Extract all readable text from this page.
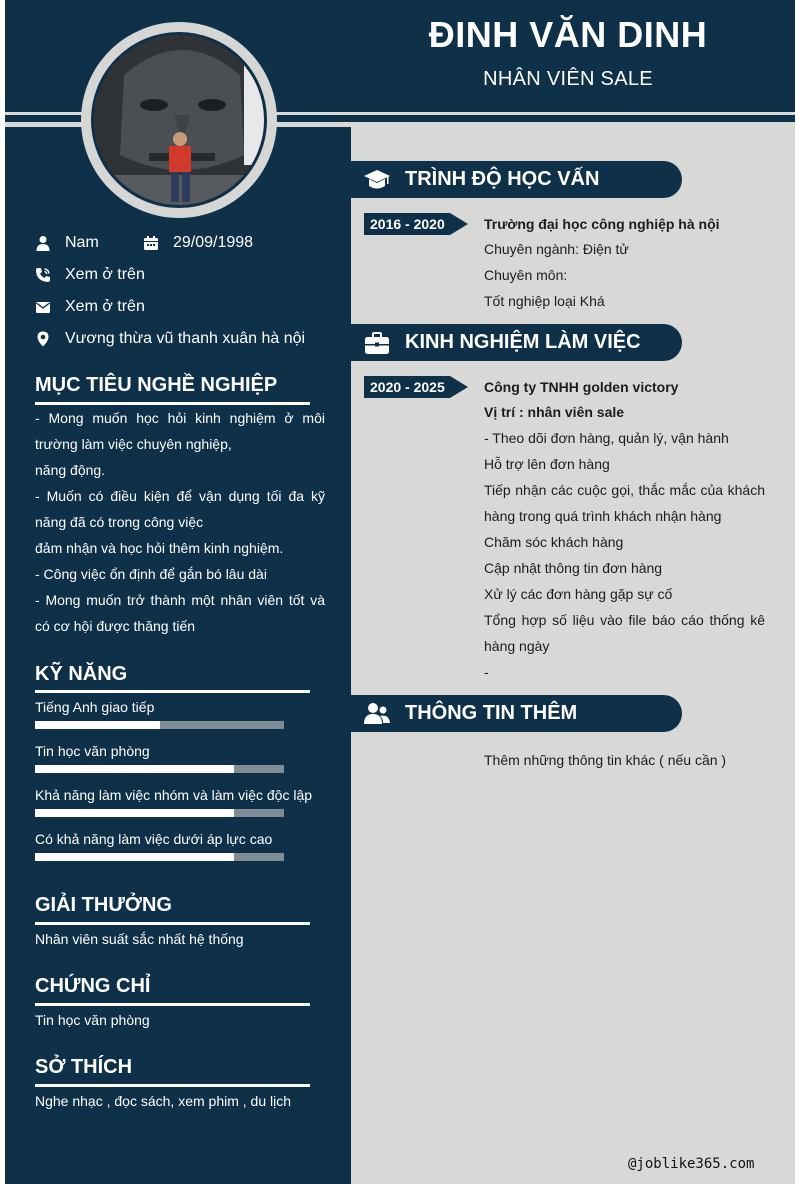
ĐINH VĂN DINH
NHÂN VIÊN SALE
Nam	29/09/1998
Xem ở trên
Xem ở trên
Vương thừa vũ thanh xuân hà nội
MỤC TIÊU NGHỀ NGHIỆP
- Mong muốn học hỏi kinh nghiệm ở môi trường làm việc chuyên nghiệp,
năng động.
- Muốn có điều kiện để vận dụng tối đa kỹ năng đã có trong công việc
đảm nhận và học hỏi thêm kinh nghiệm.
- Công việc ổn định để gắn bó lâu dài
- Mong muốn trở thành một nhân viên tốt và có cơ hội được thăng tiến
KỸ NĂNG
Tiếng Anh giao tiếp
Tin học văn phòng
Khả năng làm việc nhóm và làm việc độc lập
Có khả năng làm việc dưới áp lực cao
GIẢI THƯỞNG
Nhân viên suất sắc nhất hệ thống
CHỨNG CHỈ
Tin học văn phòng
SỞ THÍCH
Nghe nhạc , đọc sách, xem phim , du lịch
TRÌNH ĐỘ HỌC VẤN
2016 - 2020	Trường đại học công nghiệp hà nội
Chuyên ngành: Điện tử
Chuyên môn:
Tốt nghiệp loại Khá
KINH NGHIỆM LÀM VIỆC
2020 - 2025	Công ty TNHH golden victory
Vị trí : nhân viên sale
- Theo dõi đơn hàng, quản lý, vận hành
Hỗ trợ lên đơn hàng
Tiếp nhận các cuộc gọi, thắc mắc của khách hàng trong quá trình khách nhận hàng
Chăm sóc khách hàng
Cập nhật thông tin đơn hàng
Xử lý các đơn hàng gặp sự cố
Tổng hợp số liệu vào file báo cáo thống kê hàng ngày
-
THÔNG TIN THÊM
Thêm những thông tin khác ( nếu cần )
@joblike365.com
